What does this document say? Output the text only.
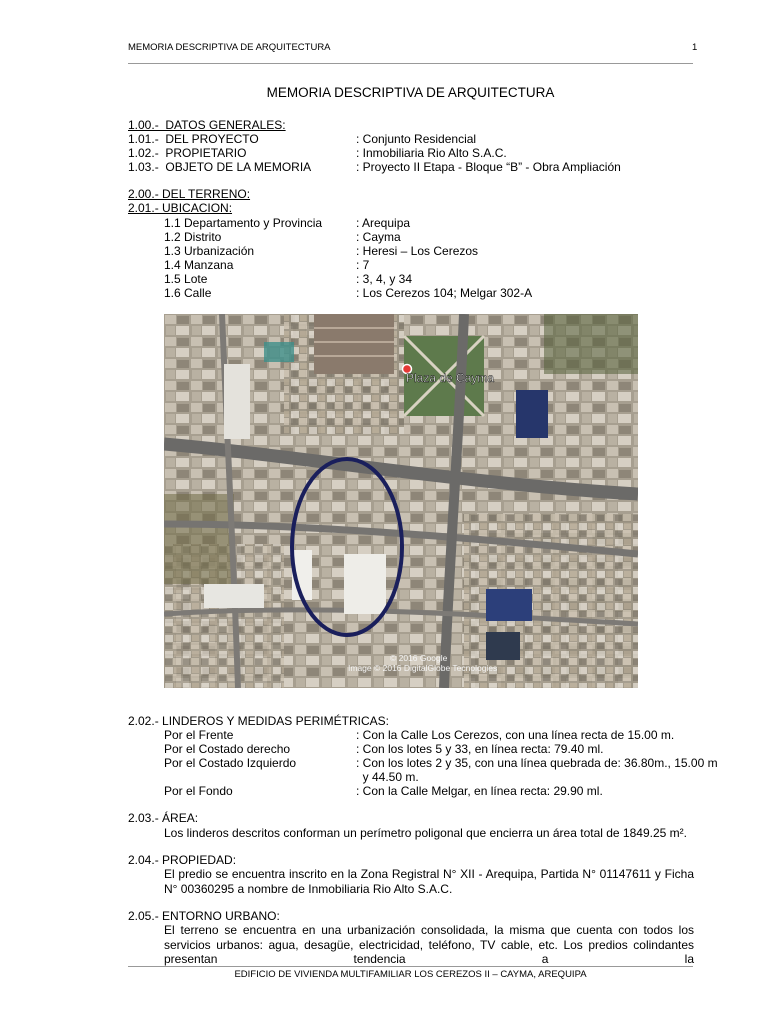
MEMORIA DESCRIPTIVA DE ARQUITECTURA	1
MEMORIA DESCRIPTIVA DE ARQUITECTURA
1.00.-  DATOS GENERALES:
1.01.-  DEL PROYECTO	: Conjunto Residencial
1.02.-  PROPIETARIO	: Inmobiliaria Rio Alto S.A.C.
1.03.-  OBJETO DE LA MEMORIA	: Proyecto II Etapa - Bloque “B” - Obra Ampliación
2.00.- DEL TERRENO:
2.01.- UBICACION:
1.1 Departamento y Provincia	: Arequipa
1.2 Distrito	: Cayma
1.3 Urbanización	: Heresi – Los Cerezos
1.4 Manzana	: 7
1.5 Lote	: 3, 4, y 34
1.6 Calle	: Los Cerezos 104; Melgar 302-A
Plaza de Cayma
© 2016 Google
Image © 2016 DigitalGlobe Tecnologies
2.02.- LINDEROS Y MEDIDAS PERIMÉTRICAS:
Por el Frente	: Con la Calle Los Cerezos, con una línea recta de 15.00 m.
Por el Costado derecho	: Con los lotes 5 y 33, en línea recta: 79.40 ml.
Por el Costado Izquierdo	: Con los lotes 2 y 35, con una línea quebrada de: 36.80m., 15.00 m
y 44.50 m.
Por el Fondo	: Con la Calle Melgar, en línea recta: 29.90 ml.
2.03.- ÁREA:
Los linderos descritos conforman un perímetro poligonal que encierra un área total de 1849.25 m².
2.04.- PROPIEDAD:
El predio se encuentra inscrito en la Zona Registral N° XII - Arequipa, Partida N° 01147611 y Ficha N° 00360295 a nombre de Inmobiliaria Rio Alto S.A.C.
2.05.- ENTORNO URBANO:
El terreno se encuentra en una urbanización consolidada, la misma que cuenta con todos los servicios urbanos: agua, desagüe, electricidad, teléfono, TV cable, etc. Los predios colindantes presentan tendencia a la
EDIFICIO DE VIVIENDA MULTIFAMILIAR LOS CEREZOS II – CAYMA, AREQUIPA
